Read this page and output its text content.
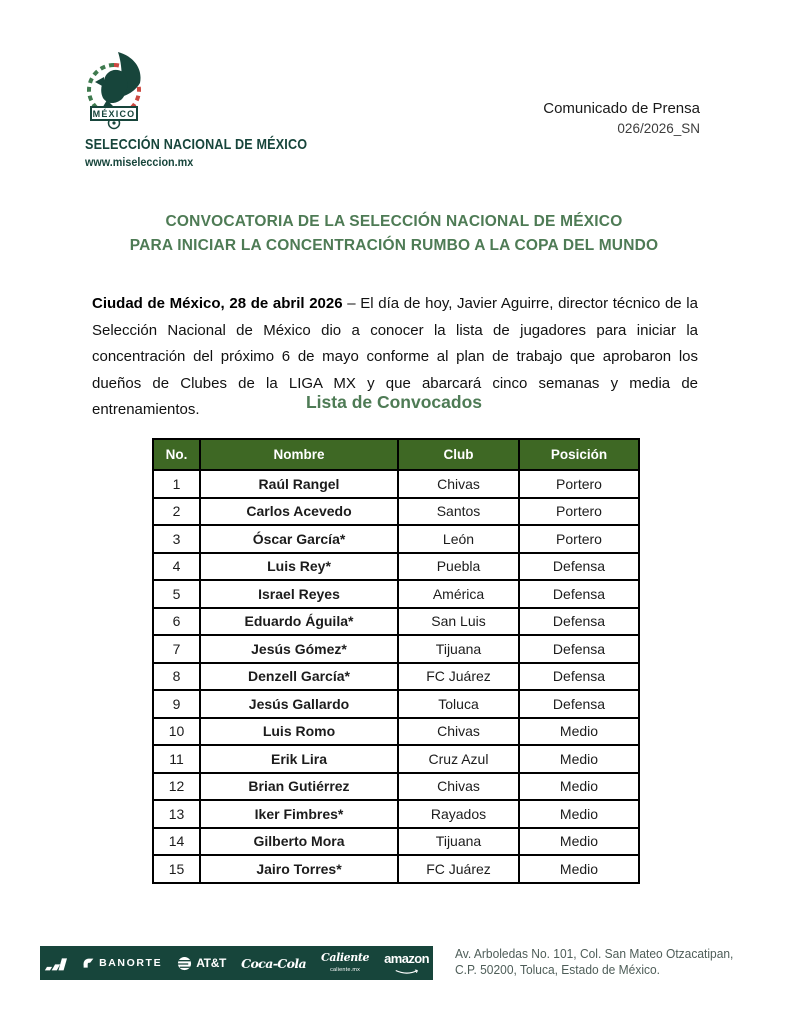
MÉXICO
SELECCIÓN NACIONAL DE MÉXICO
www.miseleccion.mx
Comunicado de Prensa
026/2026_SN
CONVOCATORIA DE LA SELECCIÓN NACIONAL DE MÉXICO
PARA INICIAR LA CONCENTRACIÓN RUMBO A LA COPA DEL MUNDO
Ciudad de México, 28 de abril 2026 – El día de hoy, Javier Aguirre, director técnico de la Selección Nacional de México dio a conocer la lista de jugadores para iniciar la concentración del próximo 6 de mayo conforme al plan de trabajo que aprobaron los dueños de Clubes de la LIGA MX y que abarcará cinco semanas y media de entrenamientos.	Lista de Convocados
No.	Nombre	Club	Posición
1	Raúl Rangel	Chivas	Portero
2	Carlos Acevedo	Santos	Portero
3	Óscar García*	León	Portero
4	Luis Rey*	Puebla	Defensa
5	Israel Reyes	América	Defensa
6	Eduardo Águila*	San Luis	Defensa
7	Jesús Gómez*	Tijuana	Defensa
8	Denzell García*	FC Juárez	Defensa
9	Jesús Gallardo	Toluca	Defensa
10	Luis Romo	Chivas	Medio
11	Erik Lira	Cruz Azul	Medio
12	Brian Gutiérrez	Chivas	Medio
13	Iker Fimbres*	Rayados	Medio
14	Gilberto Mora	Tijuana	Medio
15	Jairo Torres*	FC Juárez	Medio
BANORTE	AT&T Coca-Cola Caliente
caliente.mx
amazon Av. Arboledas No. 101, Col. San Mateo Otzacatipan,
C.P. 50200, Toluca, Estado de México.
